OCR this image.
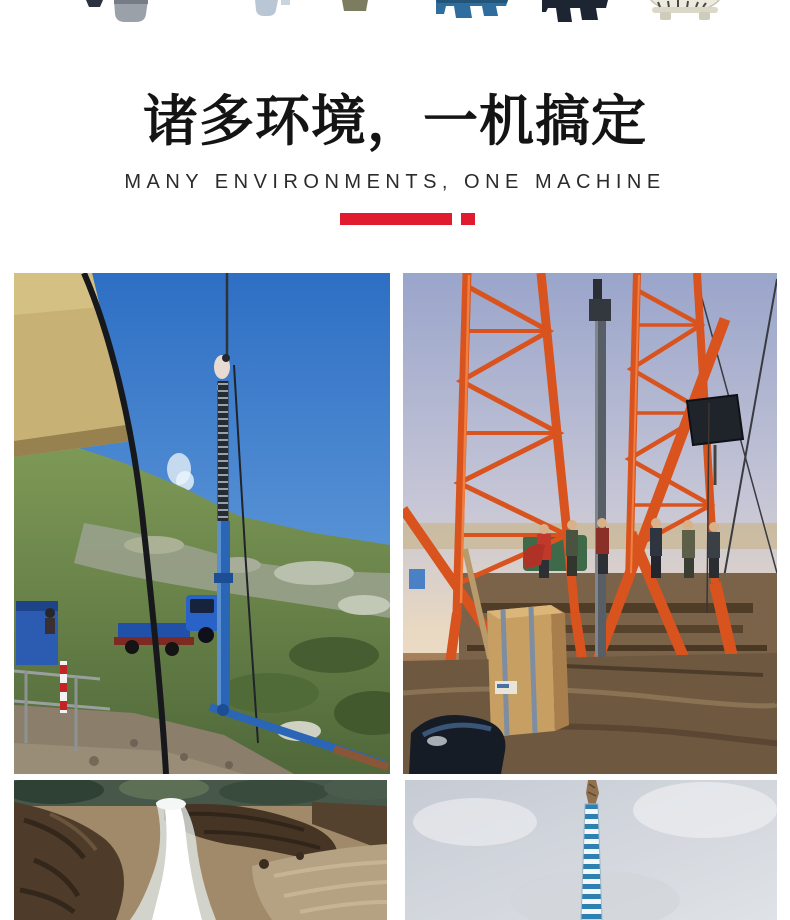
诸多环境，一机搞定

MANY ENVIRONMENTS, ONE MACHINE
